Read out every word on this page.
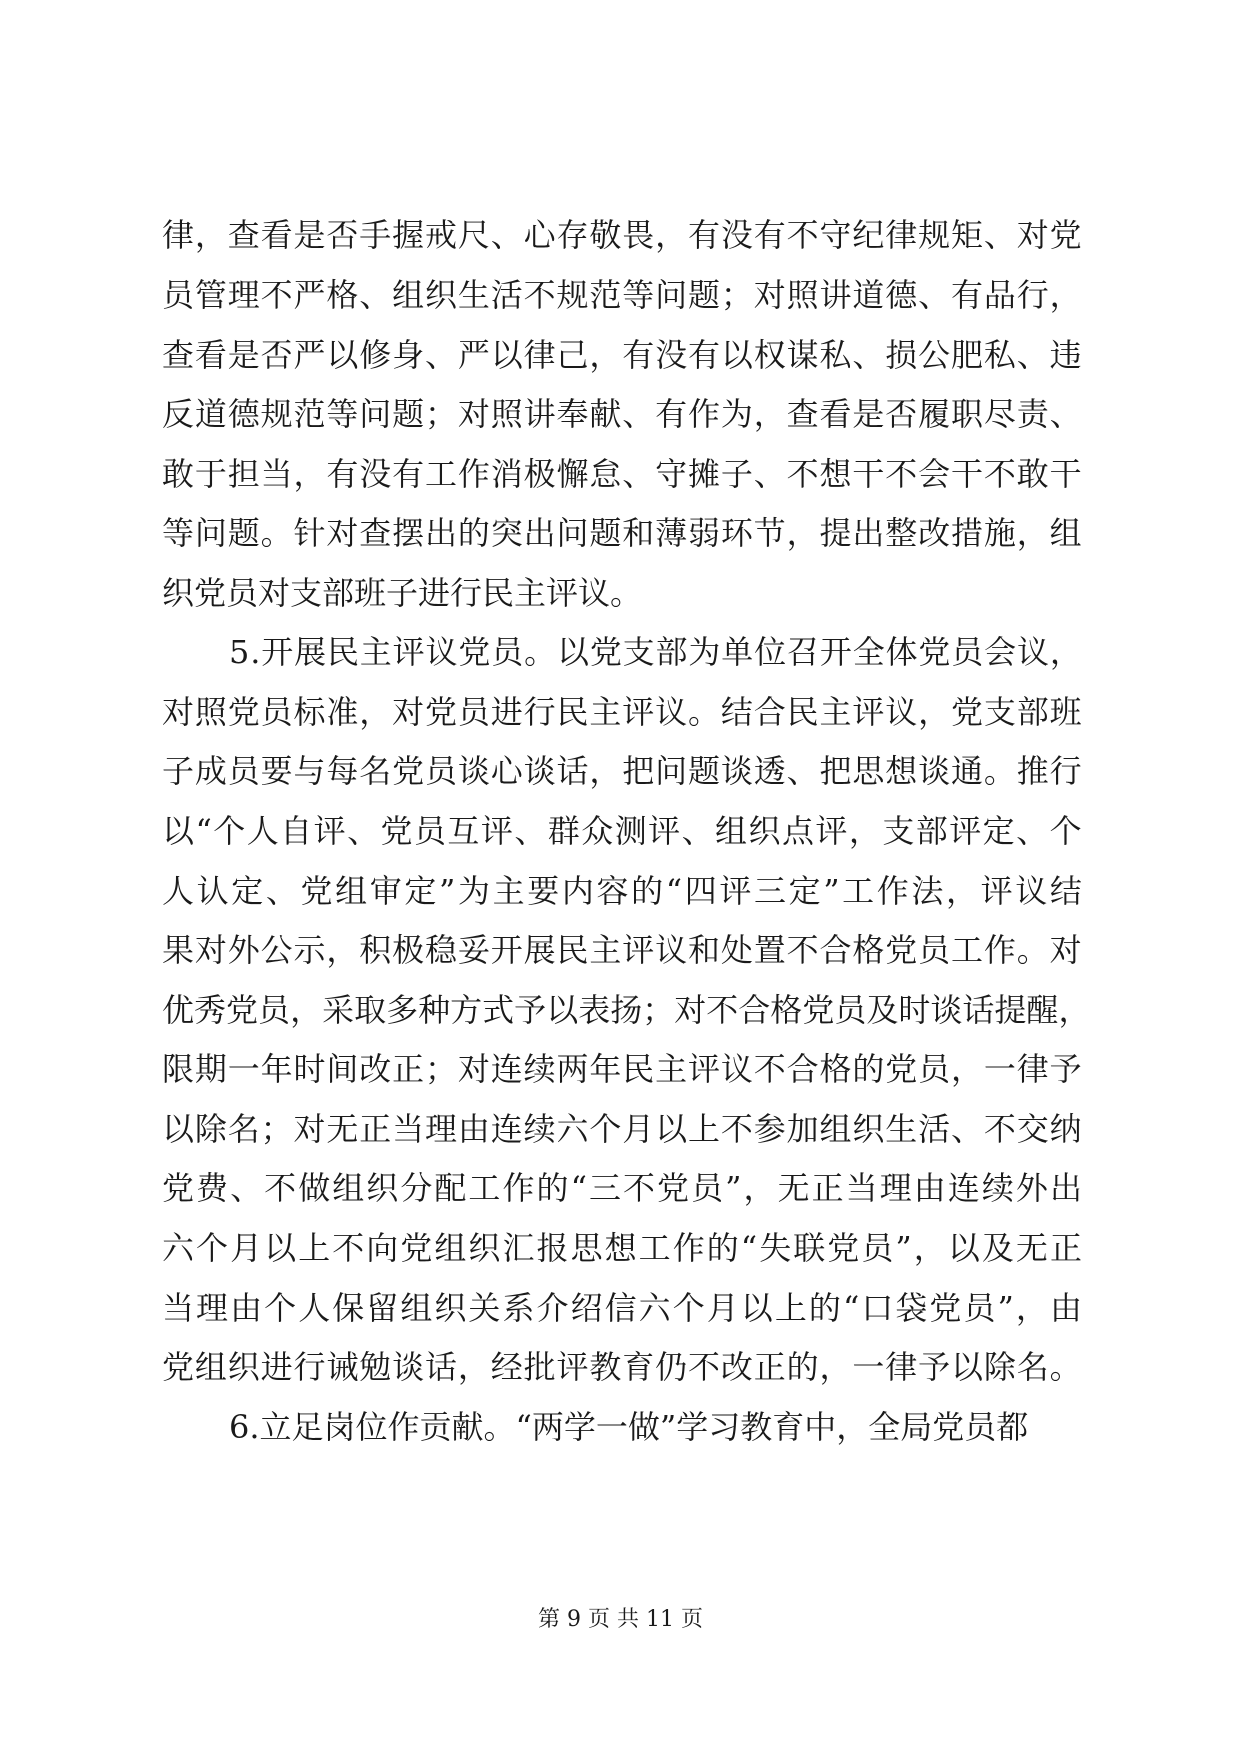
律 ， 查 看 是 否 手 握 戒 尺 、 心 存 敬 畏 ， 有 没 有 不 守 纪 律 规 矩 、 对 党
员 管 理 不 严 格 、 组 织 生 活 不 规 范 等 问 题 ； 对 照 讲 道 德 、 有 品 行 ，
查 看 是 否 严 以 修 身 、 严 以 律 己 ， 有 没 有 以 权 谋 私 、 损 公 肥 私 、 违
反 道 德 规 范 等 问 题 ； 对 照 讲 奉 献 、 有 作 为 ， 查 看 是 否 履 职 尽 责 、
敢 于 担 当 ， 有 没 有 工 作 消 极 懈 怠 、 守 摊 子 、 不 想 干 不 会 干 不 敢 干
等 问 题 。 针 对 查 摆 出 的 突 出 问 题 和 薄 弱 环 节 ， 提 出 整 改 措 施 ， 组
织党员对支部班子进行民主评议。
5 . 开 展 民 主 评 议 党 员 。 以 党 支 部 为 单 位 召 开 全 体 党 员 会 议 ，
对 照 党 员 标 准 ， 对 党 员 进 行 民 主 评 议 。 结 合 民 主 评 议 ， 党 支 部 班
子 成 员 要 与 每 名 党 员 谈 心 谈 话 ， 把 问 题 谈 透 、 把 思 想 谈 通 。 推 行
以 “ 个 人 自 评 、 党 员 互 评 、 群 众 测 评 、 组 织 点 评 ， 支 部 评 定 、 个
人 认 定 、 党 组 审 定 ” 为 主 要 内 容 的 “ 四 评 三 定 ” 工 作 法 ， 评 议 结
果 对 外 公 示 ， 积 极 稳 妥 开 展 民 主 评 议 和 处 置 不 合 格 党 员 工 作 。 对
优 秀 党 员 ， 采 取 多 种 方 式 予 以 表 扬 ； 对 不 合 格 党 员 及 时 谈 话 提 醒 ，
限 期 一 年 时 间 改 正 ； 对 连 续 两 年 民 主 评 议 不 合 格 的 党 员 ， 一 律 予
以 除 名 ； 对 无 正 当 理 由 连 续 六 个 月 以 上 不 参 加 组 织 生 活 、 不 交 纳
党 费 、 不 做 组 织 分 配 工 作 的 “ 三 不 党 员 ” ， 无 正 当 理 由 连 续 外 出
六 个 月 以 上 不 向 党 组 织 汇 报 思 想 工 作 的 “ 失 联 党 员 ” ， 以 及 无 正
当 理 由 个 人 保 留 组 织 关 系 介 绍 信 六 个 月 以 上 的 “ 口 袋 党 员 ” ， 由
党 组 织 进 行 诫 勉 谈 话 ， 经 批 评 教 育 仍 不 改 正 的 ， 一 律 予 以 除 名 。
6.立足岗位作贡献。“两学一做”学习教育中，全局党员都
第 9 页 共 11 页
